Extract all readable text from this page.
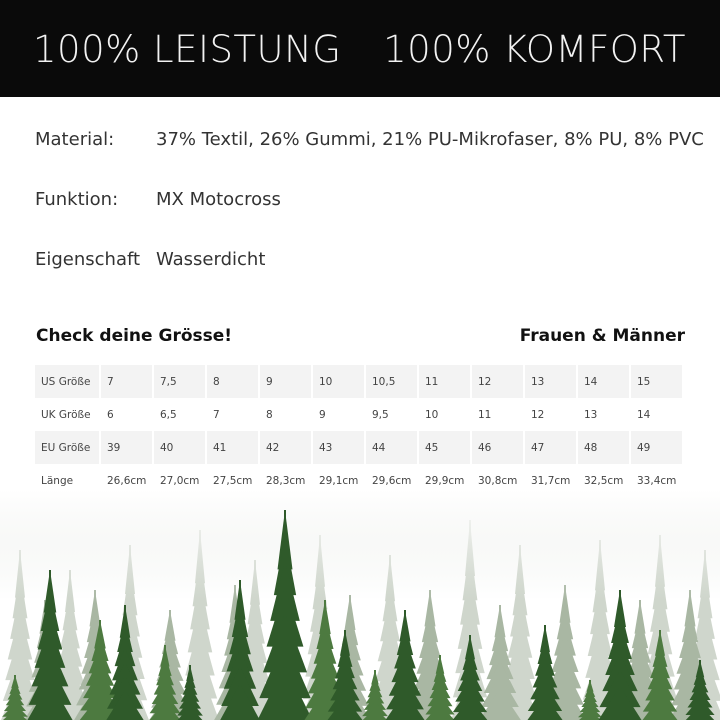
100% LEISTUNG 100% KOMFORT
Material: 37% Textil, 26% Gummi, 21% PU-Mikrofaser, 8% PU, 8% PVC
Funktion: MX Motocross
Eigenschaft Wasserdicht
Check deine Grösse!	Frauen & Männer
US Größe	7	7,5	8	9	10	10,5	11	12	13	14	15
UK Größe	6	6,5	7	8	9	9,5	10	11	12	13	14
EU Größe	39	40	41	42	43	44	45	46	47	48	49
Länge	26,6cm	27,0cm	27,5cm	28,3cm	29,1cm	29,6cm	29,9cm	30,8cm	31,7cm	32,5cm	33,4cm
